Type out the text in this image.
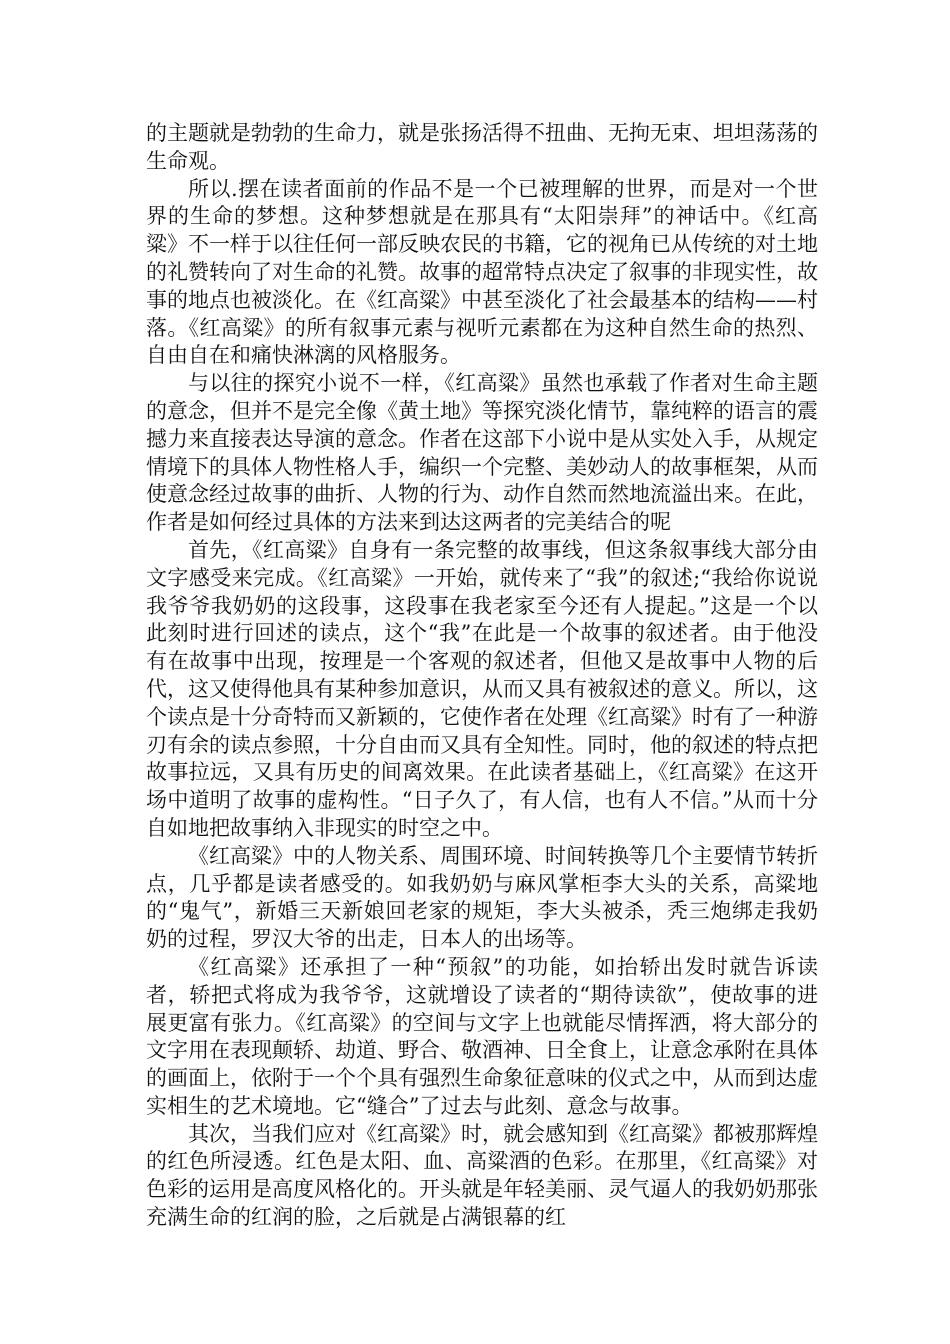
的主题就是勃勃的生命力，就是张扬活得不扭曲、无拘无束、坦坦荡荡的生命观。

所以.摆在读者面前的作品不是一个已被理解的世界，而是对一个世界的生命的梦想。这种梦想就是在那具有“太阳崇拜”的神话中。《红高粱》不一样于以往任何一部反映农民的书籍，它的视角已从传统的对土地的礼赞转向了对生命的礼赞。故事的超常特点决定了叙事的非现实性，故事的地点也被淡化。在《红高粱》中甚至淡化了社会最基本的结构——村落。《红高粱》的所有叙事元素与视听元素都在为这种自然生命的热烈、自由自在和痛快淋漓的风格服务。

与以往的探究小说不一样，《红高粱》虽然也承载了作者对生命主题的意念，但并不是完全像《黄土地》等探究淡化情节，靠纯粹的语言的震撼力来直接表达导演的意念。作者在这部下小说中是从实处入手，从规定情境下的具体人物性格人手，编织一个完整、美妙动人的故事框架，从而使意念经过故事的曲折、人物的行为、动作自然而然地流溢出来。在此，作者是如何经过具体的方法来到达这两者的完美结合的呢

首先，《红高粱》自身有一条完整的故事线，但这条叙事线大部分由文字感受来完成。《红高粱》一开始，就传来了“我”的叙述;“我给你说说我爷爷我奶奶的这段事，这段事在我老家至今还有人提起。”这是一个以此刻时进行回述的读点，这个“我”在此是一个故事的叙述者。由于他没有在故事中出现，按理是一个客观的叙述者，但他又是故事中人物的后代，这又使得他具有某种参加意识，从而又具有被叙述的意义。所以，这个读点是十分奇特而又新颖的，它使作者在处理《红高粱》时有了一种游刃有余的读点参照，十分自由而又具有全知性。同时，他的叙述的特点把故事拉远，又具有历史的间离效果。在此读者基础上，《红高粱》在这开场中道明了故事的虚构性。“日子久了，有人信，也有人不信。”从而十分自如地把故事纳入非现实的时空之中。

《红高粱》中的人物关系、周围环境、时间转换等几个主要情节转折点，几乎都是读者感受的。如我奶奶与麻风掌柜李大头的关系，高粱地的“鬼气”，新婚三天新娘回老家的规矩，李大头被杀，秃三炮绑走我奶奶的过程，罗汉大爷的出走，日本人的出场等。

《红高粱》还承担了一种“预叙”的功能，如抬轿出发时就告诉读者，轿把式将成为我爷爷，这就增设了读者的“期待读欲”，使故事的进展更富有张力。《红高粱》的空间与文字上也就能尽情挥洒，将大部分的文字用在表现颠轿、劫道、野合、敬酒神、日全食上，让意念承附在具体的画面上，依附于一个个具有强烈生命象征意味的仪式之中，从而到达虚实相生的艺术境地。它“缝合”了过去与此刻、意念与故事。

其次，当我们应对《红高粱》时，就会感知到《红高粱》都被那辉煌的红色所浸透。红色是太阳、血、高粱酒的色彩。在那里，《红高粱》对色彩的运用是高度风格化的。开头就是年轻美丽、灵气逼人的我奶奶那张充满生命的红润的脸，之后就是占满银幕的红
